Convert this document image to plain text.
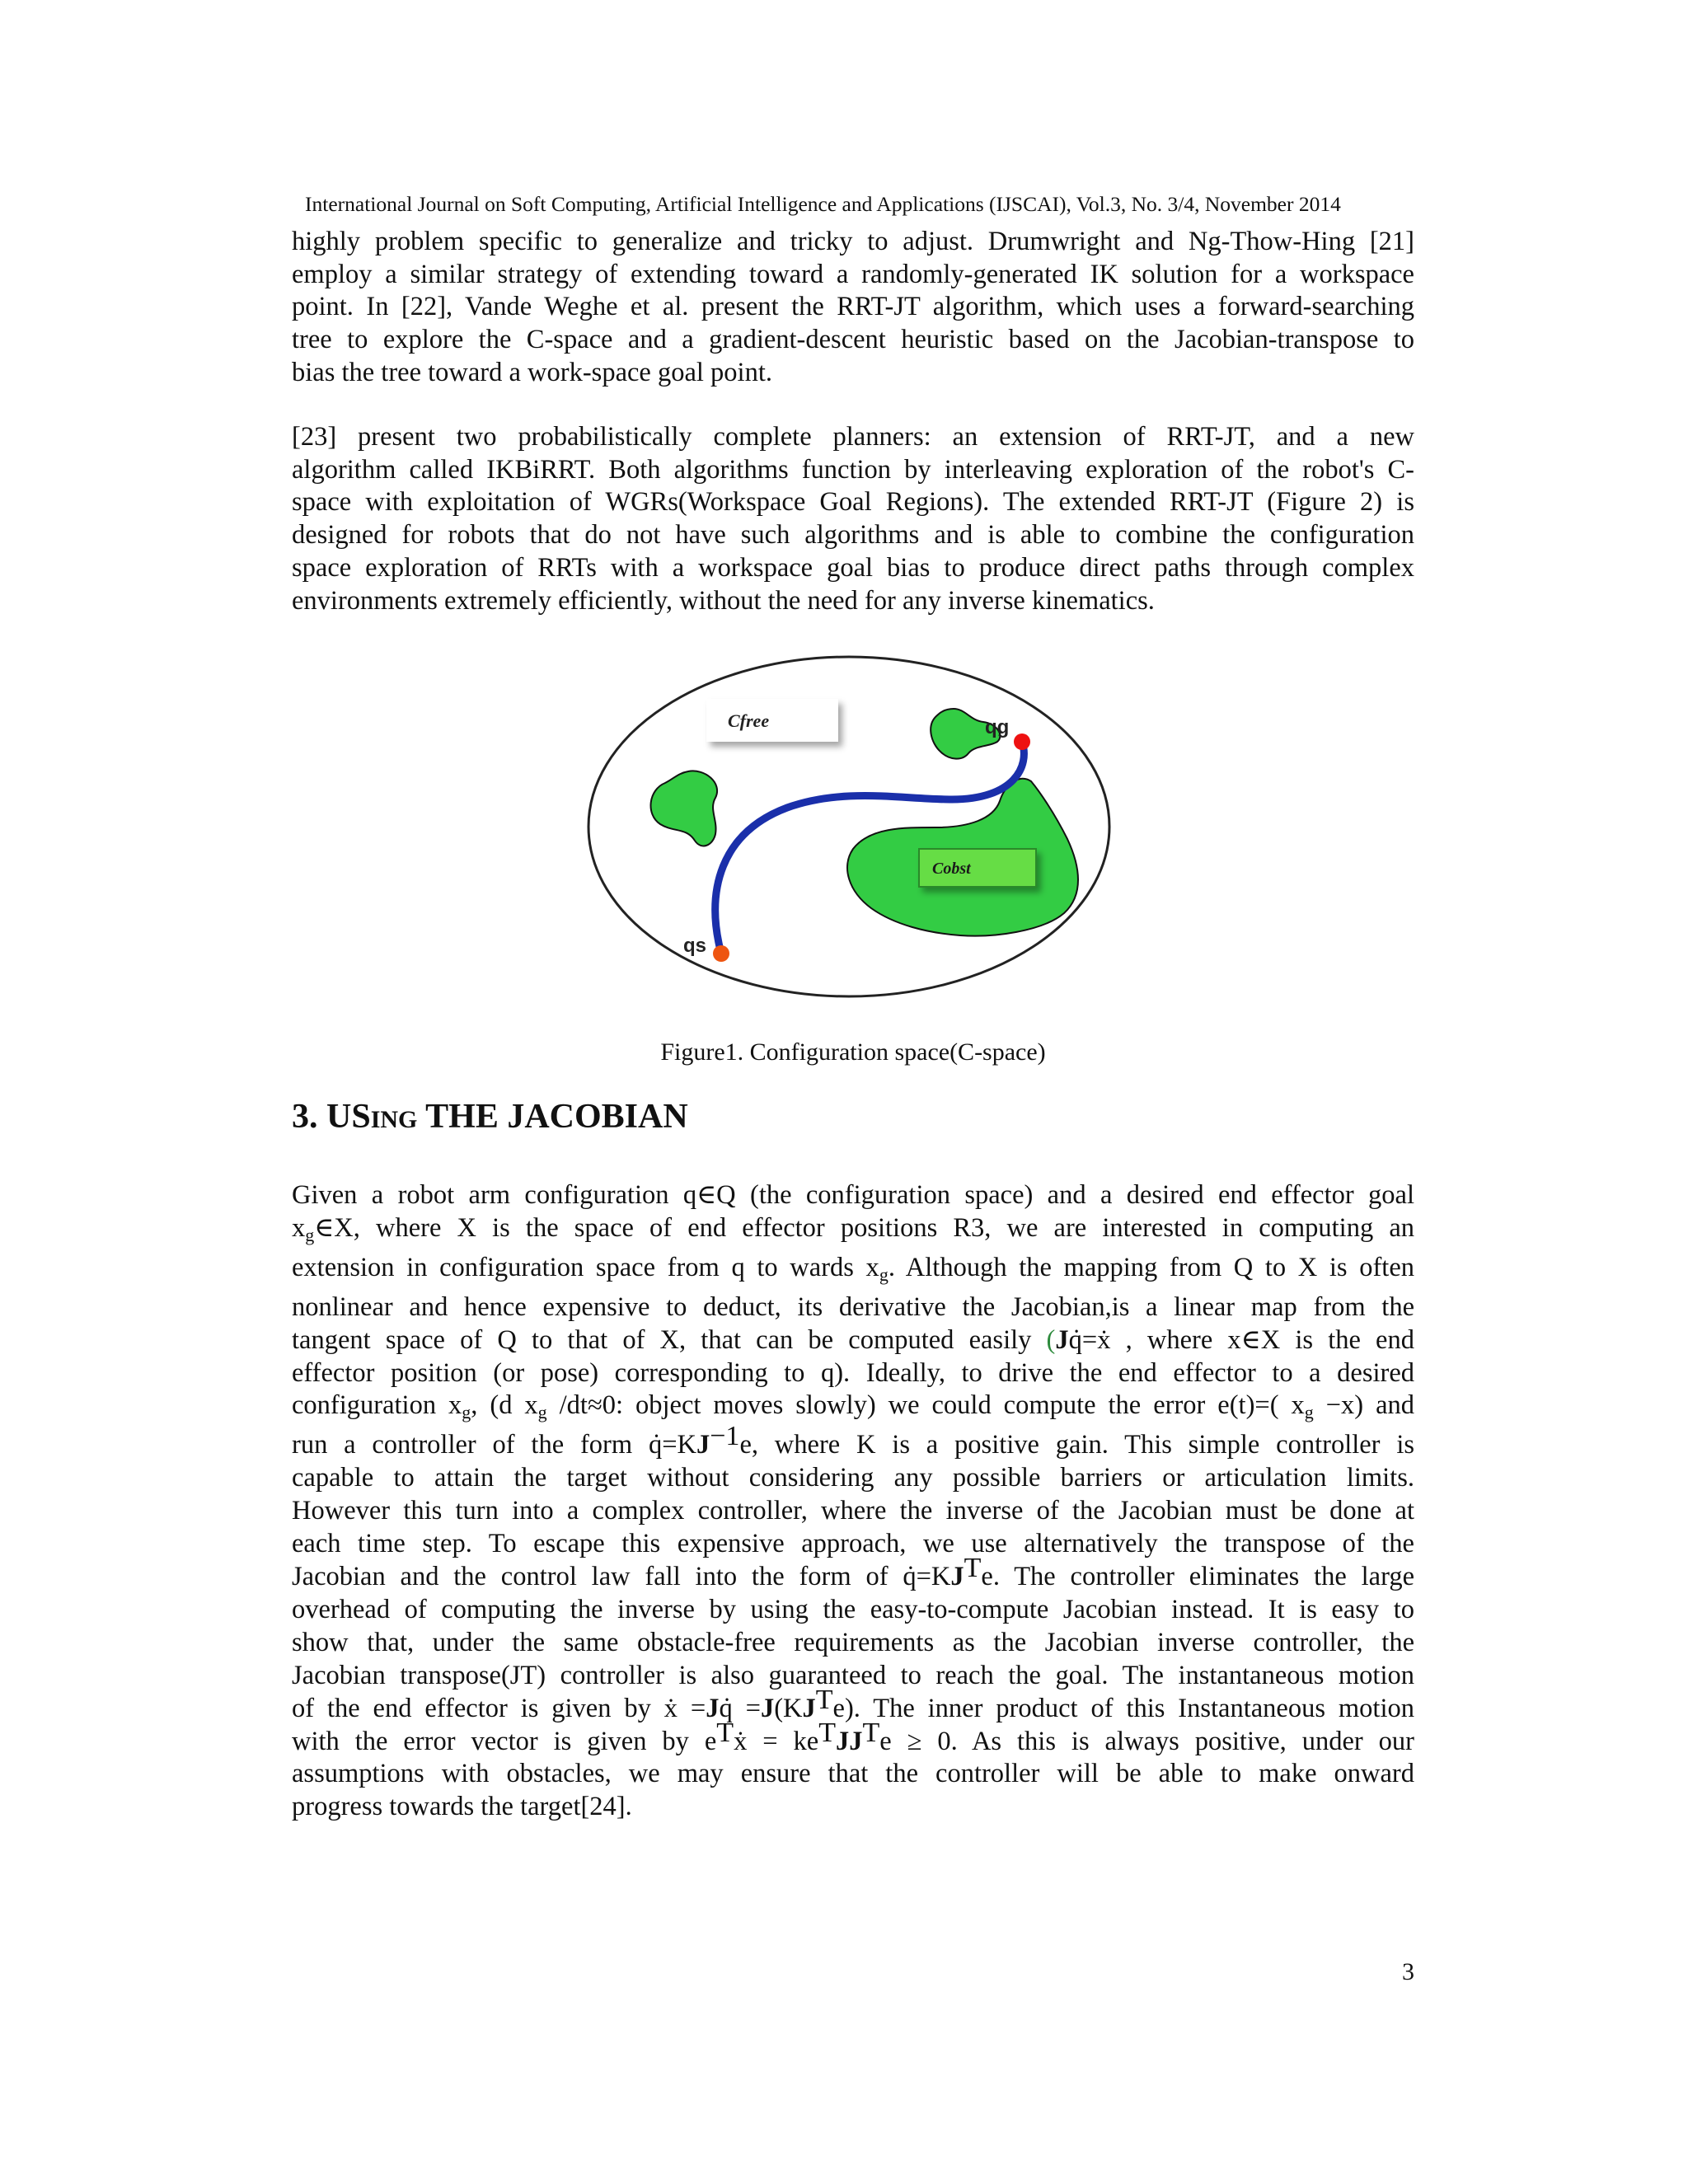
International Journal on Soft Computing, Artificial Intelligence and Applications (IJSCAI), Vol.3, No. 3/4, November 2014
highly problem specific to generalize and tricky to adjust. Drumwright and Ng-Thow-Hing [21]
employ a similar strategy of extending toward a randomly-generated IK solution for a workspace
point. In [22], Vande Weghe et al. present the RRT-JT algorithm, which uses a forward-searching
tree to explore the C-space and a gradient-descent heuristic based on the Jacobian-transpose to
bias the tree toward a work-space goal point.
[23] present two probabilistically complete planners: an extension of RRT-JT, and a new
algorithm called IKBiRRT. Both algorithms function by interleaving exploration of the robot's C-
space with exploitation of WGRs(Workspace Goal Regions). The extended RRT-JT (Figure 2) is
designed for robots that do not have such algorithms and is able to combine the configuration
space exploration of RRTs with a workspace goal bias to produce direct paths through complex
environments extremely efficiently, without the need for any inverse kinematics.
Cfree
Cobst
qg
qs
Figure1. Configuration space(C-space)
3. USING THE JACOBIAN
Given a robot arm configuration q∈Q (the configuration space) and a desired end effector goal
$x_g\in X$, where X is the space of end effector positions R3, we are interested in computing an
extension in configuration space from q to wards $x_g$. Although the mapping from Q to X is often
nonlinear and hence expensive to deduct, its derivative the Jacobian,is a linear map from the
tangent space of Q to that of X, that can be computed easily (Jq̇=ẋ , where x∈X is the end
effector position (or pose) corresponding to q). Ideally, to drive the end effector to a desired
configuration $x_g$, (d $x_g$ /dt≈0: object moves slowly) we could compute the error e(t)=( $x_g -x$) and
run a controller of the form $q̇=KJ^{-1}e$, where K is a positive gain. This simple controller is
capable to attain the target without considering any possible barriers or articulation limits.
However this turn into a complex controller, where the inverse of the Jacobian must be done at
each time step. To escape this expensive approach, we use alternatively the transpose of the
Jacobian and the control law fall into the form of $q̇=KJ^Te$. The controller eliminates the large
overhead of computing the inverse by using the easy-to-compute Jacobian instead. It is easy to
show that, under the same obstacle-free requirements as the Jacobian inverse controller, the
Jacobian transpose(JT) controller is also guaranteed to reach the goal. The instantaneous motion
of the end effector is given by ẋ =Jq̇ $=J(KJ^Te)$. The inner product of this Instantaneous motion
with the error vector is given by $e^Tẋ = ke^TJJ^Te \ge 0$. As this is always positive, under our
assumptions with obstacles, we may ensure that the controller will be able to make onward
progress towards the target[24].
3
